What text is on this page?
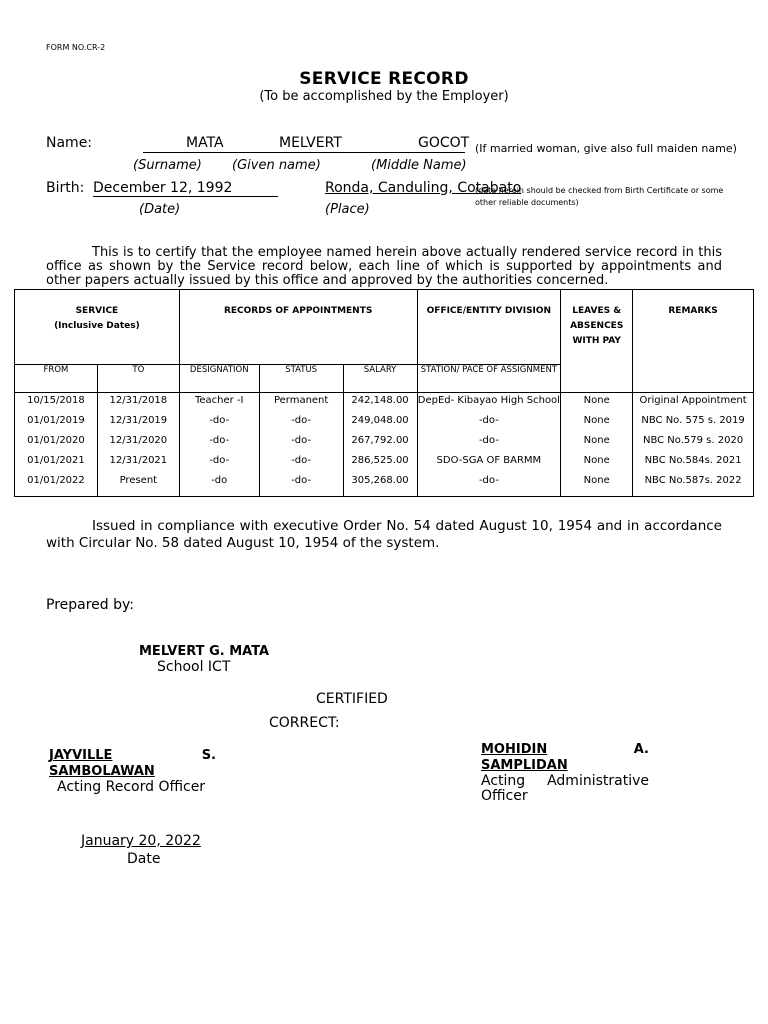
FORM NO.CR-2
SERVICE RECORD
(To be accomplished by the Employer)
Name:	MATA	MELVERT	GOCOT (If married woman, give also full maiden name)
(Surname) (Given name)	(Middle Name)
Birth: December 12, 1992	Ronda, Canduling, Cotabato
(data herein should be checked from Birth Certificate or some other reliable documents)
(Date)	(Place)
This is to certify that the employee named herein above actually rendered service record in this office as shown by the Service record below, each line of which is supported by appointments and other papers actually issued by this office and approved by the authorities concerned.
SERVICE
(Inclusive Dates)		RECORDS OF APPOINTMENTS			OFFICE/ENTITY DIVISION	LEAVES &
ABSENCES
WITH PAY	REMARKS
FROM	TO	DESIGNATION	STATUS	SALARY	STATION/ PACE OF ASSIGNMENT		
10/15/2018	12/31/2018	Teacher -I	Permanent	242,148.00	DepEd- Kibayao High School	None	Original Appointment
01/01/2019	12/31/2019	-do-	-do-	249,048.00	-do-	None	NBC No. 575 s. 2019
01/01/2020	12/31/2020	-do-	-do-	267,792.00	-do-	None	NBC No.579 s. 2020
01/01/2021	12/31/2021	-do-	-do-	286,525.00	SDO-SGA OF BARMM	None	NBC No.584s. 2021
01/01/2022	Present	-do	-do-	305,268.00	-do-	None	NBC No.587s. 2022
Issued in compliance with executive Order No. 54 dated August 10, 1954 and in accordance with Circular No. 58 dated August 10, 1954 of the system.
Prepared by:
MELVERT G. MATA
School ICT
CERTIFIED
CORRECT:
JAYVILLE	S.
SAMBOLAWAN
Acting Record Officer
MOHIDIN	A.
SAMPLIDAN
Acting Administrative
Officer
January 20, 2022
Date
